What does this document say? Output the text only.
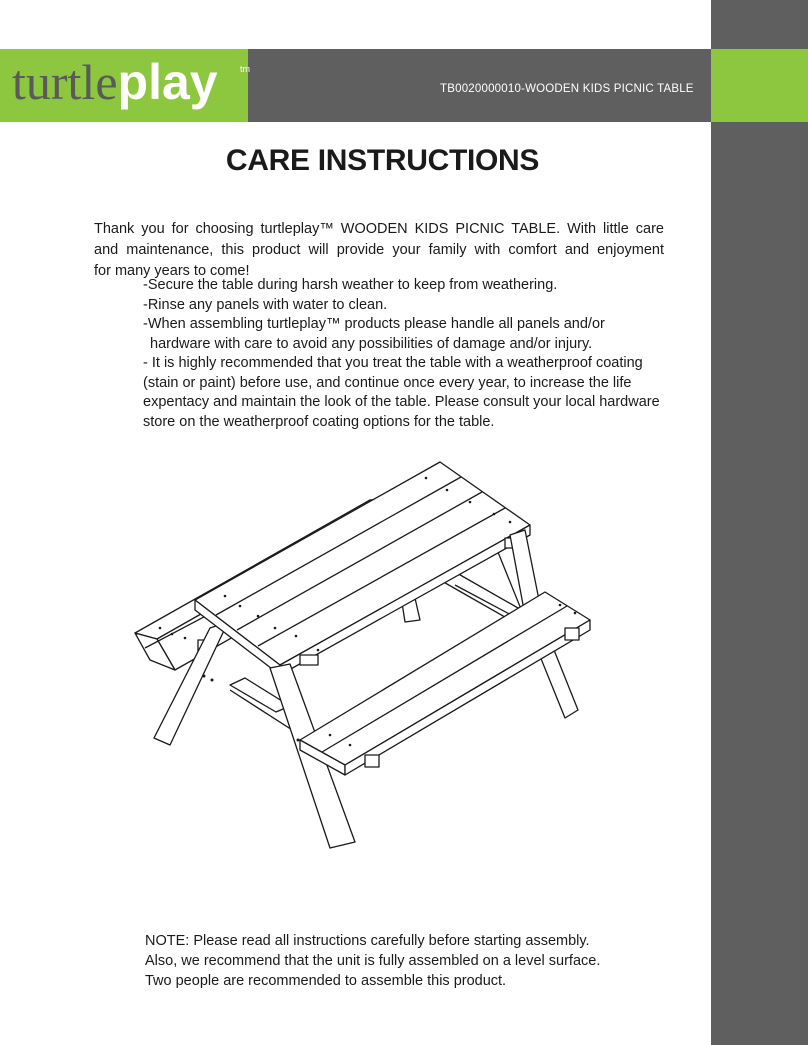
turtleplay tm
TB0020000010-WOODEN KIDS PICNIC TABLE
CARE INSTRUCTIONS

Thank you for choosing turtleplay™ WOODEN KIDS PICNIC TABLE. With little care

and maintenance, this product will provide your family with comfort and enjoyment

for many years to come!

-Secure the table during harsh weather to keep from weathering.
-Rinse any panels with water to clean.
-When assembling turtleplay™ products please handle all panels and/or
hardware with care to avoid any possibilities of damage and/or injury.
- It is highly recommended that you treat the table with a weatherproof coating
(stain or paint) before use, and continue once every year, to increase the life
expentacy and maintain the look of the table. Please consult your local hardware
store on the weatherproof coating options for the table.
NOTE: Please read all instructions carefully before starting assembly.
Also, we recommend that the unit is fully assembled on a level surface.
Two people are recommended to assemble this product.
